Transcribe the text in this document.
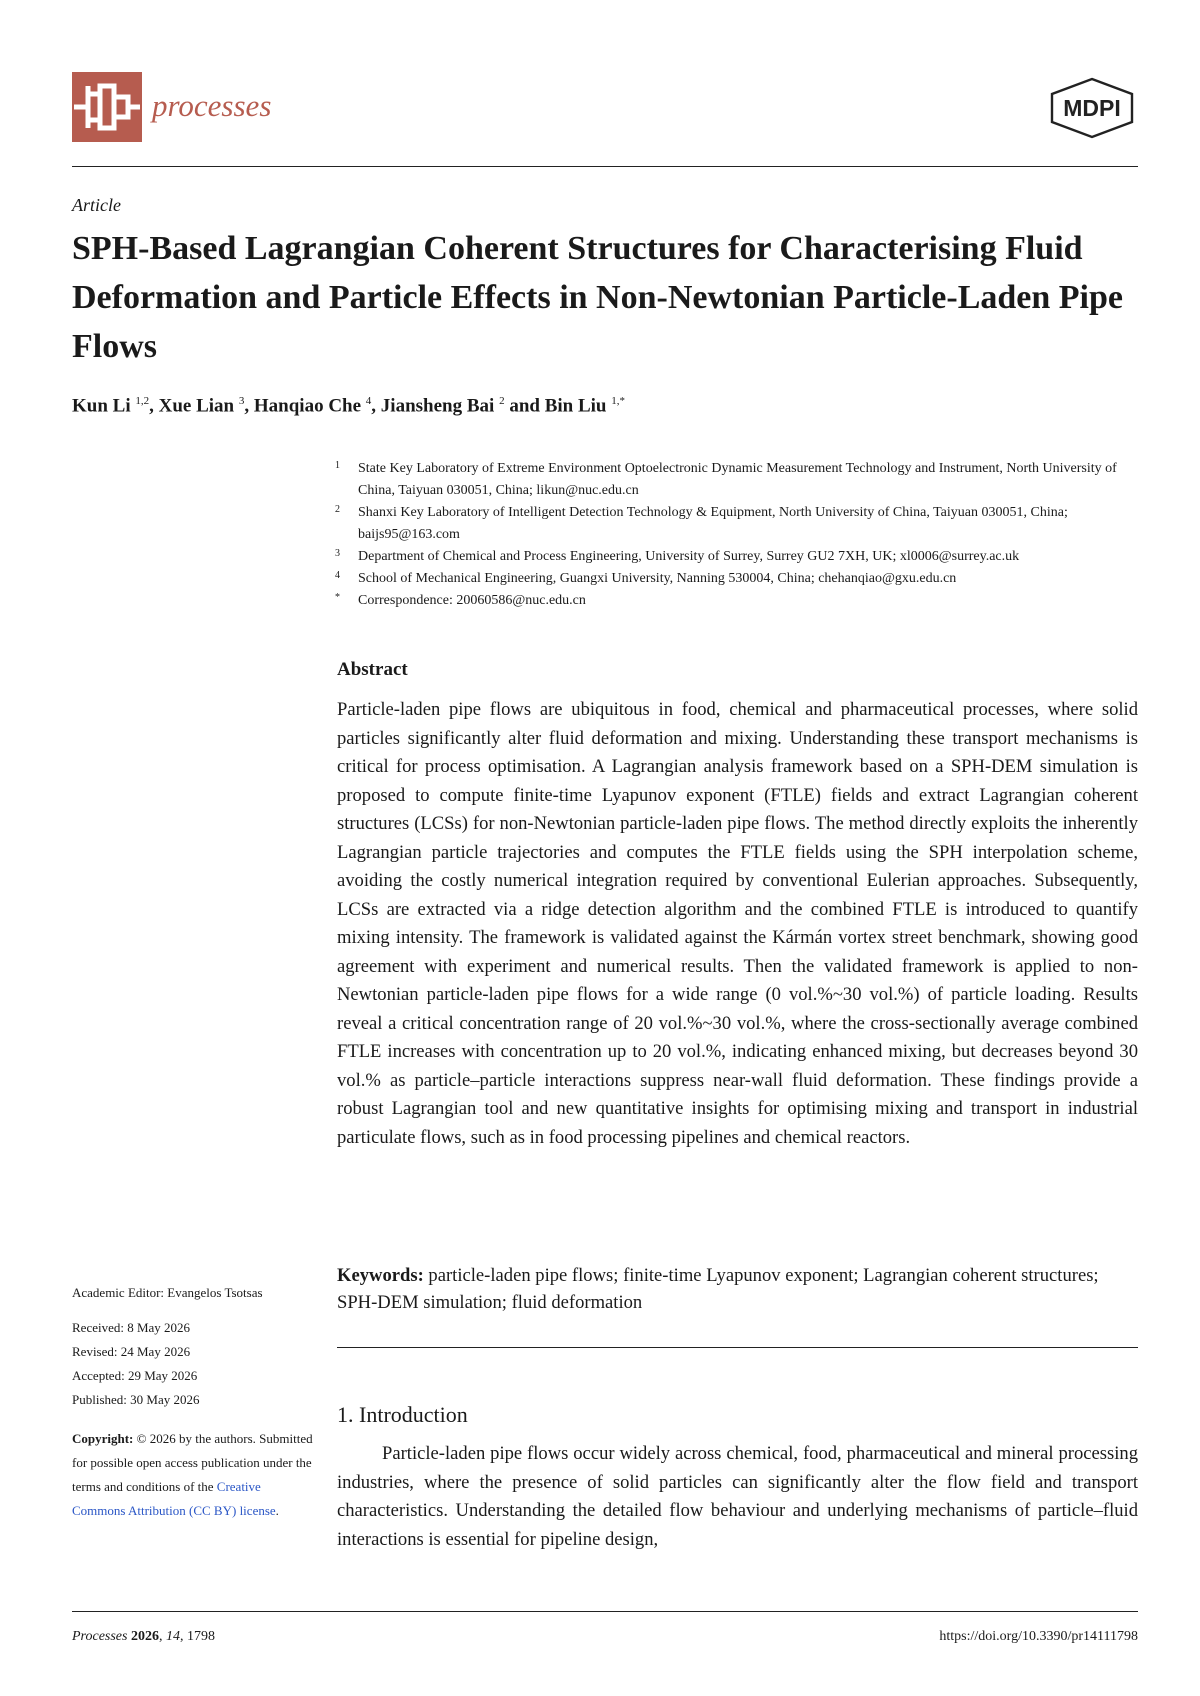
processes	MDPI
Article
SPH-Based Lagrangian Coherent Structures for Characterising Fluid Deformation and Particle Effects in Non-Newtonian Particle-Laden Pipe Flows
Kun Li $^{1,2}$, Xue Lian $^3$, Hanqiao Che $^4$, Jiansheng Bai $^2$ and Bin Liu $^{1,*}$

1 State Key Laboratory of Extreme Environment Optoelectronic Dynamic Measurement Technology and Instrument, North University of China, Taiyuan 030051, China; likun@nuc.edu.cn

2 Shanxi Key Laboratory of Intelligent Detection Technology & Equipment, North University of China, Taiyuan 030051, China; baijs95@163.com

3 Department of Chemical and Process Engineering, University of Surrey, Surrey GU2 7XH, UK; xl0006@surrey.ac.uk

4 School of Mechanical Engineering, Guangxi University, Nanning 530004, China; chehanqiao@gxu.edu.cn

* Correspondence: 20060586@nuc.edu.cn

Abstract

Particle-laden pipe flows are ubiquitous in food, chemical and pharmaceutical processes, where solid particles significantly alter fluid deformation and mixing. Understanding these transport mechanisms is critical for process optimisation. A Lagrangian analysis framework based on a SPH-DEM simulation is proposed to compute finite-time Lyapunov exponent (FTLE) fields and extract Lagrangian coherent structures (LCSs) for non-Newtonian particle-laden pipe flows. The method directly exploits the inherently Lagrangian particle trajectories and computes the FTLE fields using the SPH interpolation scheme, avoiding the costly numerical integration required by conventional Eulerian approaches. Subsequently, LCSs are extracted via a ridge detection algorithm and the combined FTLE is introduced to quantify mixing intensity. The framework is validated against the Kármán vortex street benchmark, showing good agreement with experiment and numerical results. Then the validated framework is applied to non-Newtonian particle-laden pipe flows for a wide range (0 vol.%~30 vol.%) of particle loading. Results reveal a critical concentration range of 20 vol.%~30 vol.%, where the cross-sectionally average combined FTLE increases with concentration up to 20 vol.%, indicating enhanced mixing, but decreases beyond 30 vol.% as particle–particle interactions suppress near-wall fluid deformation. These findings provide a robust Lagrangian tool and new quantitative insights for optimising mixing and transport in industrial particulate flows, such as in food processing pipelines and chemical reactors.

Keywords: particle-laden pipe flows; finite-time Lyapunov exponent; Lagrangian coherent structures; SPH-DEM simulation; fluid deformation

1. Introduction

Particle-laden pipe flows occur widely across chemical, food, pharmaceutical and mineral processing industries, where the presence of solid particles can significantly alter the flow field and transport characteristics. Understanding the detailed flow behaviour and underlying mechanisms of particle–fluid interactions is essential for pipeline design,

Academic Editor: Evangelos Tsotsas
Received: 8 May 2026
Revised: 24 May 2026
Accepted: 29 May 2026
Published: 30 May 2026
Copyright: © 2026 by the authors. Submitted for possible open access publication under the terms and conditions of the Creative Commons Attribution (CC BY) license.
Processes 2026, 14, 1798	https://doi.org/10.3390/pr14111798
